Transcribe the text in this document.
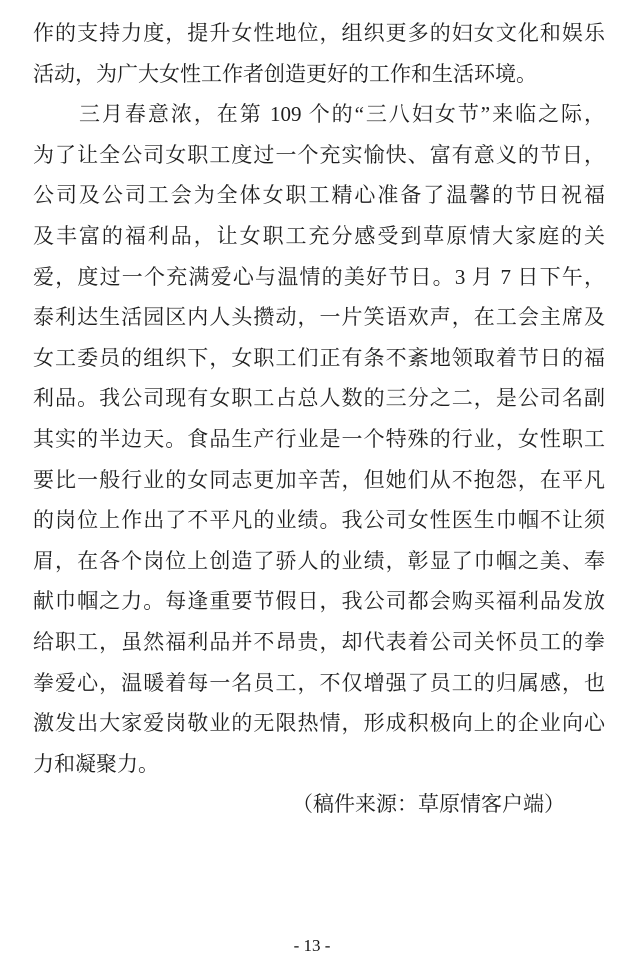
作的支持力度，提升女性地位，组织更多的妇女文化和娱乐
活动，为广大女性工作者创造更好的工作和生活环境。
　　三月春意浓，在第 109 个的“三八妇女节”来临之际，
为了让全公司女职工度过一个充实愉快、富有意义的节日，
公司及公司工会为全体女职工精心准备了温馨的节日祝福
及丰富的福利品，让女职工充分感受到草原情大家庭的关
爱，度过一个充满爱心与温情的美好节日。3 月 7 日下午，
泰利达生活园区内人头攒动，一片笑语欢声，在工会主席及
女工委员的组织下，女职工们正有条不紊地领取着节日的福
利品。我公司现有女职工占总人数的三分之二，是公司名副
其实的半边天。食品生产行业是一个特殊的行业，女性职工
要比一般行业的女同志更加辛苦，但她们从不抱怨，在平凡
的岗位上作出了不平凡的业绩。我公司女性医生巾帼不让须
眉，在各个岗位上创造了骄人的业绩，彰显了巾帼之美、奉
献巾帼之力。每逢重要节假日，我公司都会购买福利品发放
给职工，虽然福利品并不昂贵，却代表着公司关怀员工的拳
拳爱心，温暖着每一名员工，不仅增强了员工的归属感，也
激发出大家爱岗敬业的无限热情，形成积极向上的企业向心
力和凝聚力。
（稿件来源：草原情客户端）
- 13 -
